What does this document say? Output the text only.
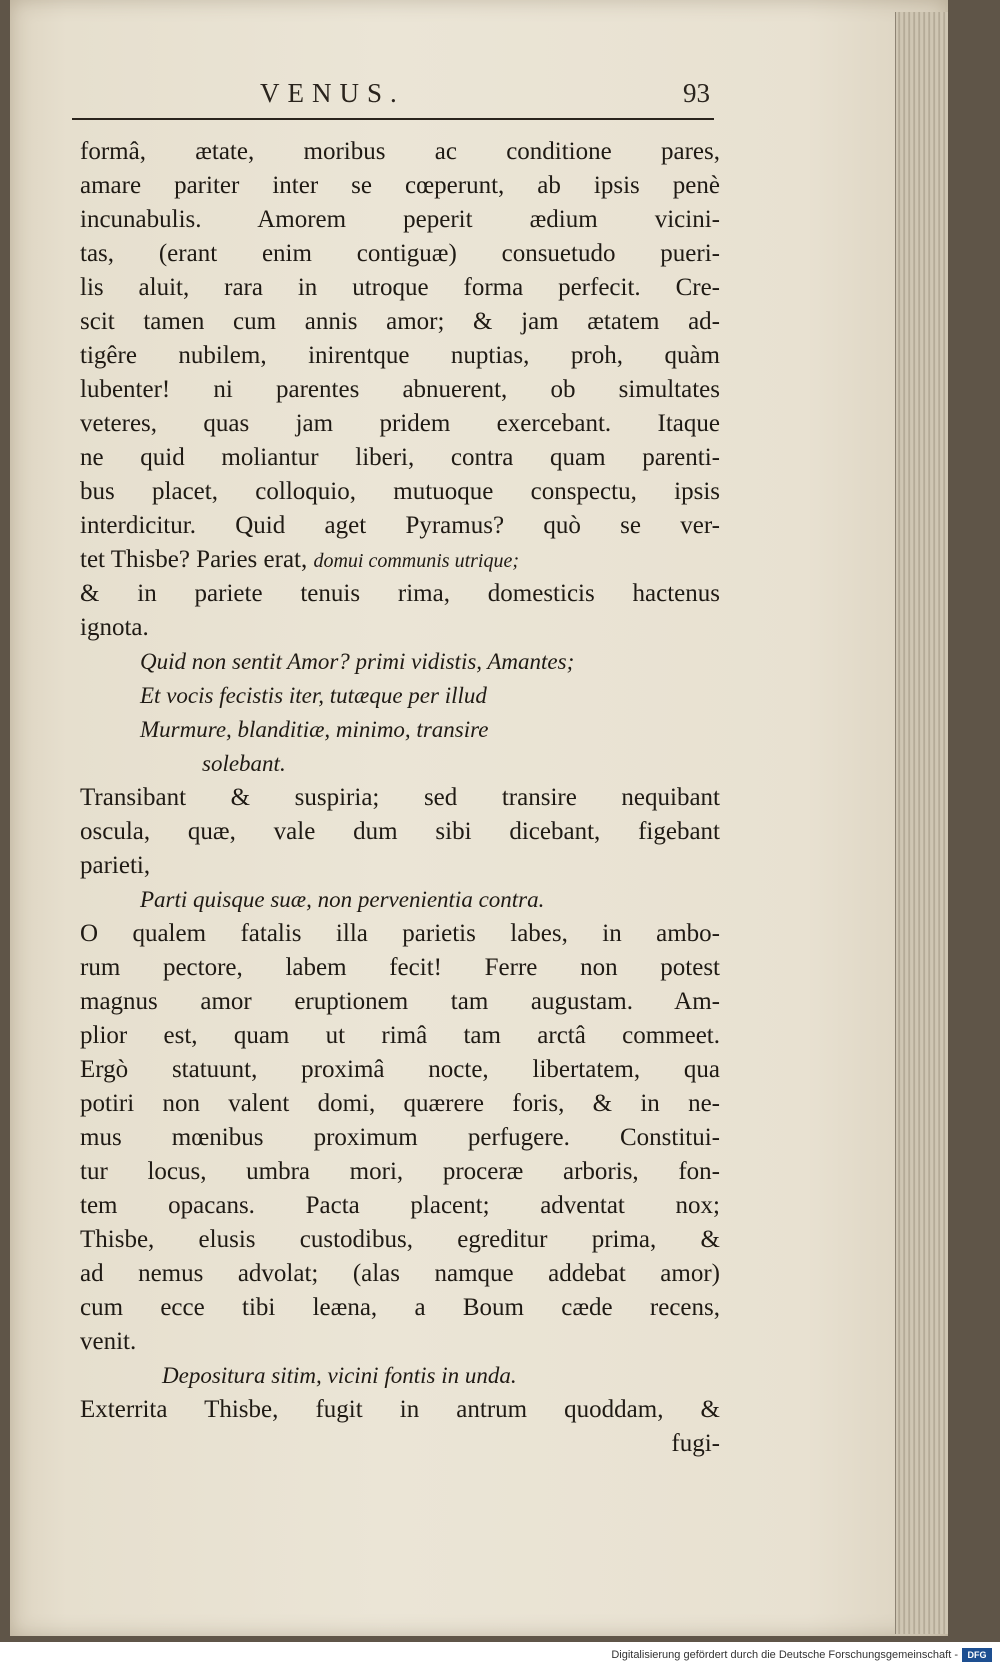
VENUS.	93
formâ, ætate, moribus ac conditione pares,
amare pariter inter se cœperunt, ab ipsis penè
incunabulis. Amorem peperit ædium vicini-
tas, (erant enim contiguæ) consuetudo pueri-
lis aluit, rara in utroque forma perfecit. Cre-
scit tamen cum annis amor; & jam ætatem ad-
tigêre nubilem, inirentque nuptias, proh, quàm
lubenter! ni parentes abnuerent, ob simultates
veteres, quas jam pridem exercebant. Itaque
ne quid moliantur liberi, contra quam parenti-
bus placet, colloquio, mutuoque conspectu, ipsis
interdicitur. Quid aget Pyramus? quò se ver-
tet Thisbe? Paries erat, domui communis utrique;
& in pariete tenuis rima, domesticis hactenus
ignota.
Quid non sentit Amor? primi vidistis, Amantes;
Et vocis fecistis iter, tutæque per illud
Murmure, blanditiæ, minimo, transire
solebant.
Transibant & suspiria; sed transire nequibant
oscula, quæ, vale dum sibi dicebant, figebant
parieti,
Parti quisque suæ, non pervenientia contra.
O qualem fatalis illa parietis labes, in ambo-
rum pectore, labem fecit! Ferre non potest
magnus amor eruptionem tam augustam. Am-
plior est, quam ut rimâ tam arctâ commeet.
Ergò statuunt, proximâ nocte, libertatem, qua
potiri non valent domi, quærere foris, & in ne-
mus mœnibus proximum perfugere. Constitui-
tur locus, umbra mori, proceræ arboris, fon-
tem opacans. Pacta placent; adventat nox;
Thisbe, elusis custodibus, egreditur prima, &
ad nemus advolat; (alas namque addebat amor)
cum ecce tibi leæna, a Boum cæde recens,
venit.
Depositura sitim, vicini fontis in unda.
Exterrita Thisbe, fugit in antrum quoddam, &
fugi-
Digitalisierung gefördert durch die Deutsche Forschungsgemeinschaft -	DFG
